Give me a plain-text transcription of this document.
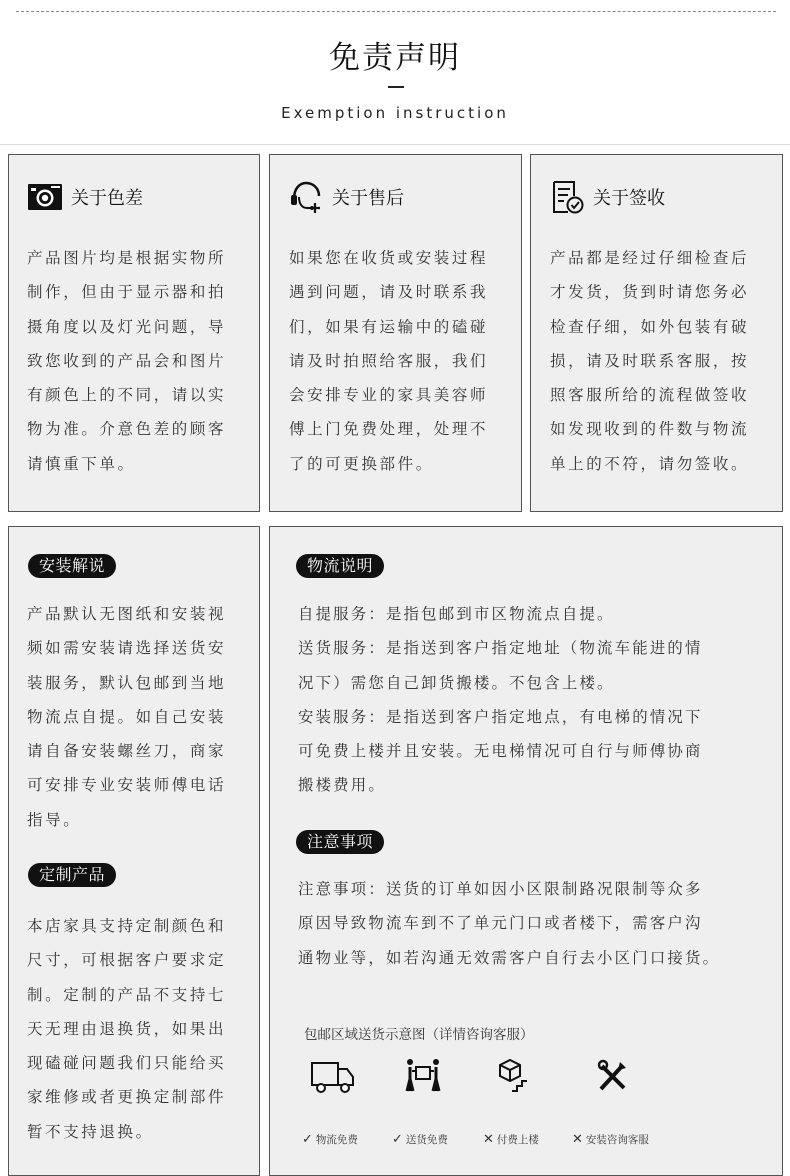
免责声明
Exemption instruction
关于色差
产品图片均是根据实物所
制作，但由于显示器和拍
摄角度以及灯光问题，导
致您收到的产品会和图片
有颜色上的不同，请以实
物为准。介意色差的顾客
请慎重下单。
关于售后
如果您在收货或安装过程
遇到问题，请及时联系我
们，如果有运输中的磕碰
请及时拍照给客服，我们
会安排专业的家具美容师
傅上门免费处理，处理不
了的可更换部件。
关于签收
产品都是经过仔细检查后
才发货，货到时请您务必
检查仔细，如外包装有破
损，请及时联系客服，按
照客服所给的流程做签收
如发现收到的件数与物流
单上的不符，请勿签收。
安装解说
产品默认无图纸和安装视
频如需安装请选择送货安
装服务，默认包邮到当地
物流点自提。如自己安装
请自备安装螺丝刀，商家
可安排专业安装师傅电话
指导。
定制产品
本店家具支持定制颜色和
尺寸，可根据客户要求定
制。定制的产品不支持七
天无理由退换货，如果出
现磕碰问题我们只能给买
家维修或者更换定制部件
暂不支持退换。
物流说明
自提服务：是指包邮到市区物流点自提。
送货服务：是指送到客户指定地址（物流车能进的情
况下）需您自己卸货搬楼。不包含上楼。
安装服务：是指送到客户指定地点，有电梯的情况下
可免费上楼并且安装。无电梯情况可自行与师傅协商
搬楼费用。
注意事项
注意事项：送货的订单如因小区限制路况限制等众多
原因导致物流车到不了单元门口或者楼下，需客户沟
通物业等，如若沟通无效需客户自行去小区门口接货。
包邮区域送货示意图（详情咨询客服）
✓ 物流免费	✓ 送货免费	✕ 付费上楼	✕ 安装咨询客服
